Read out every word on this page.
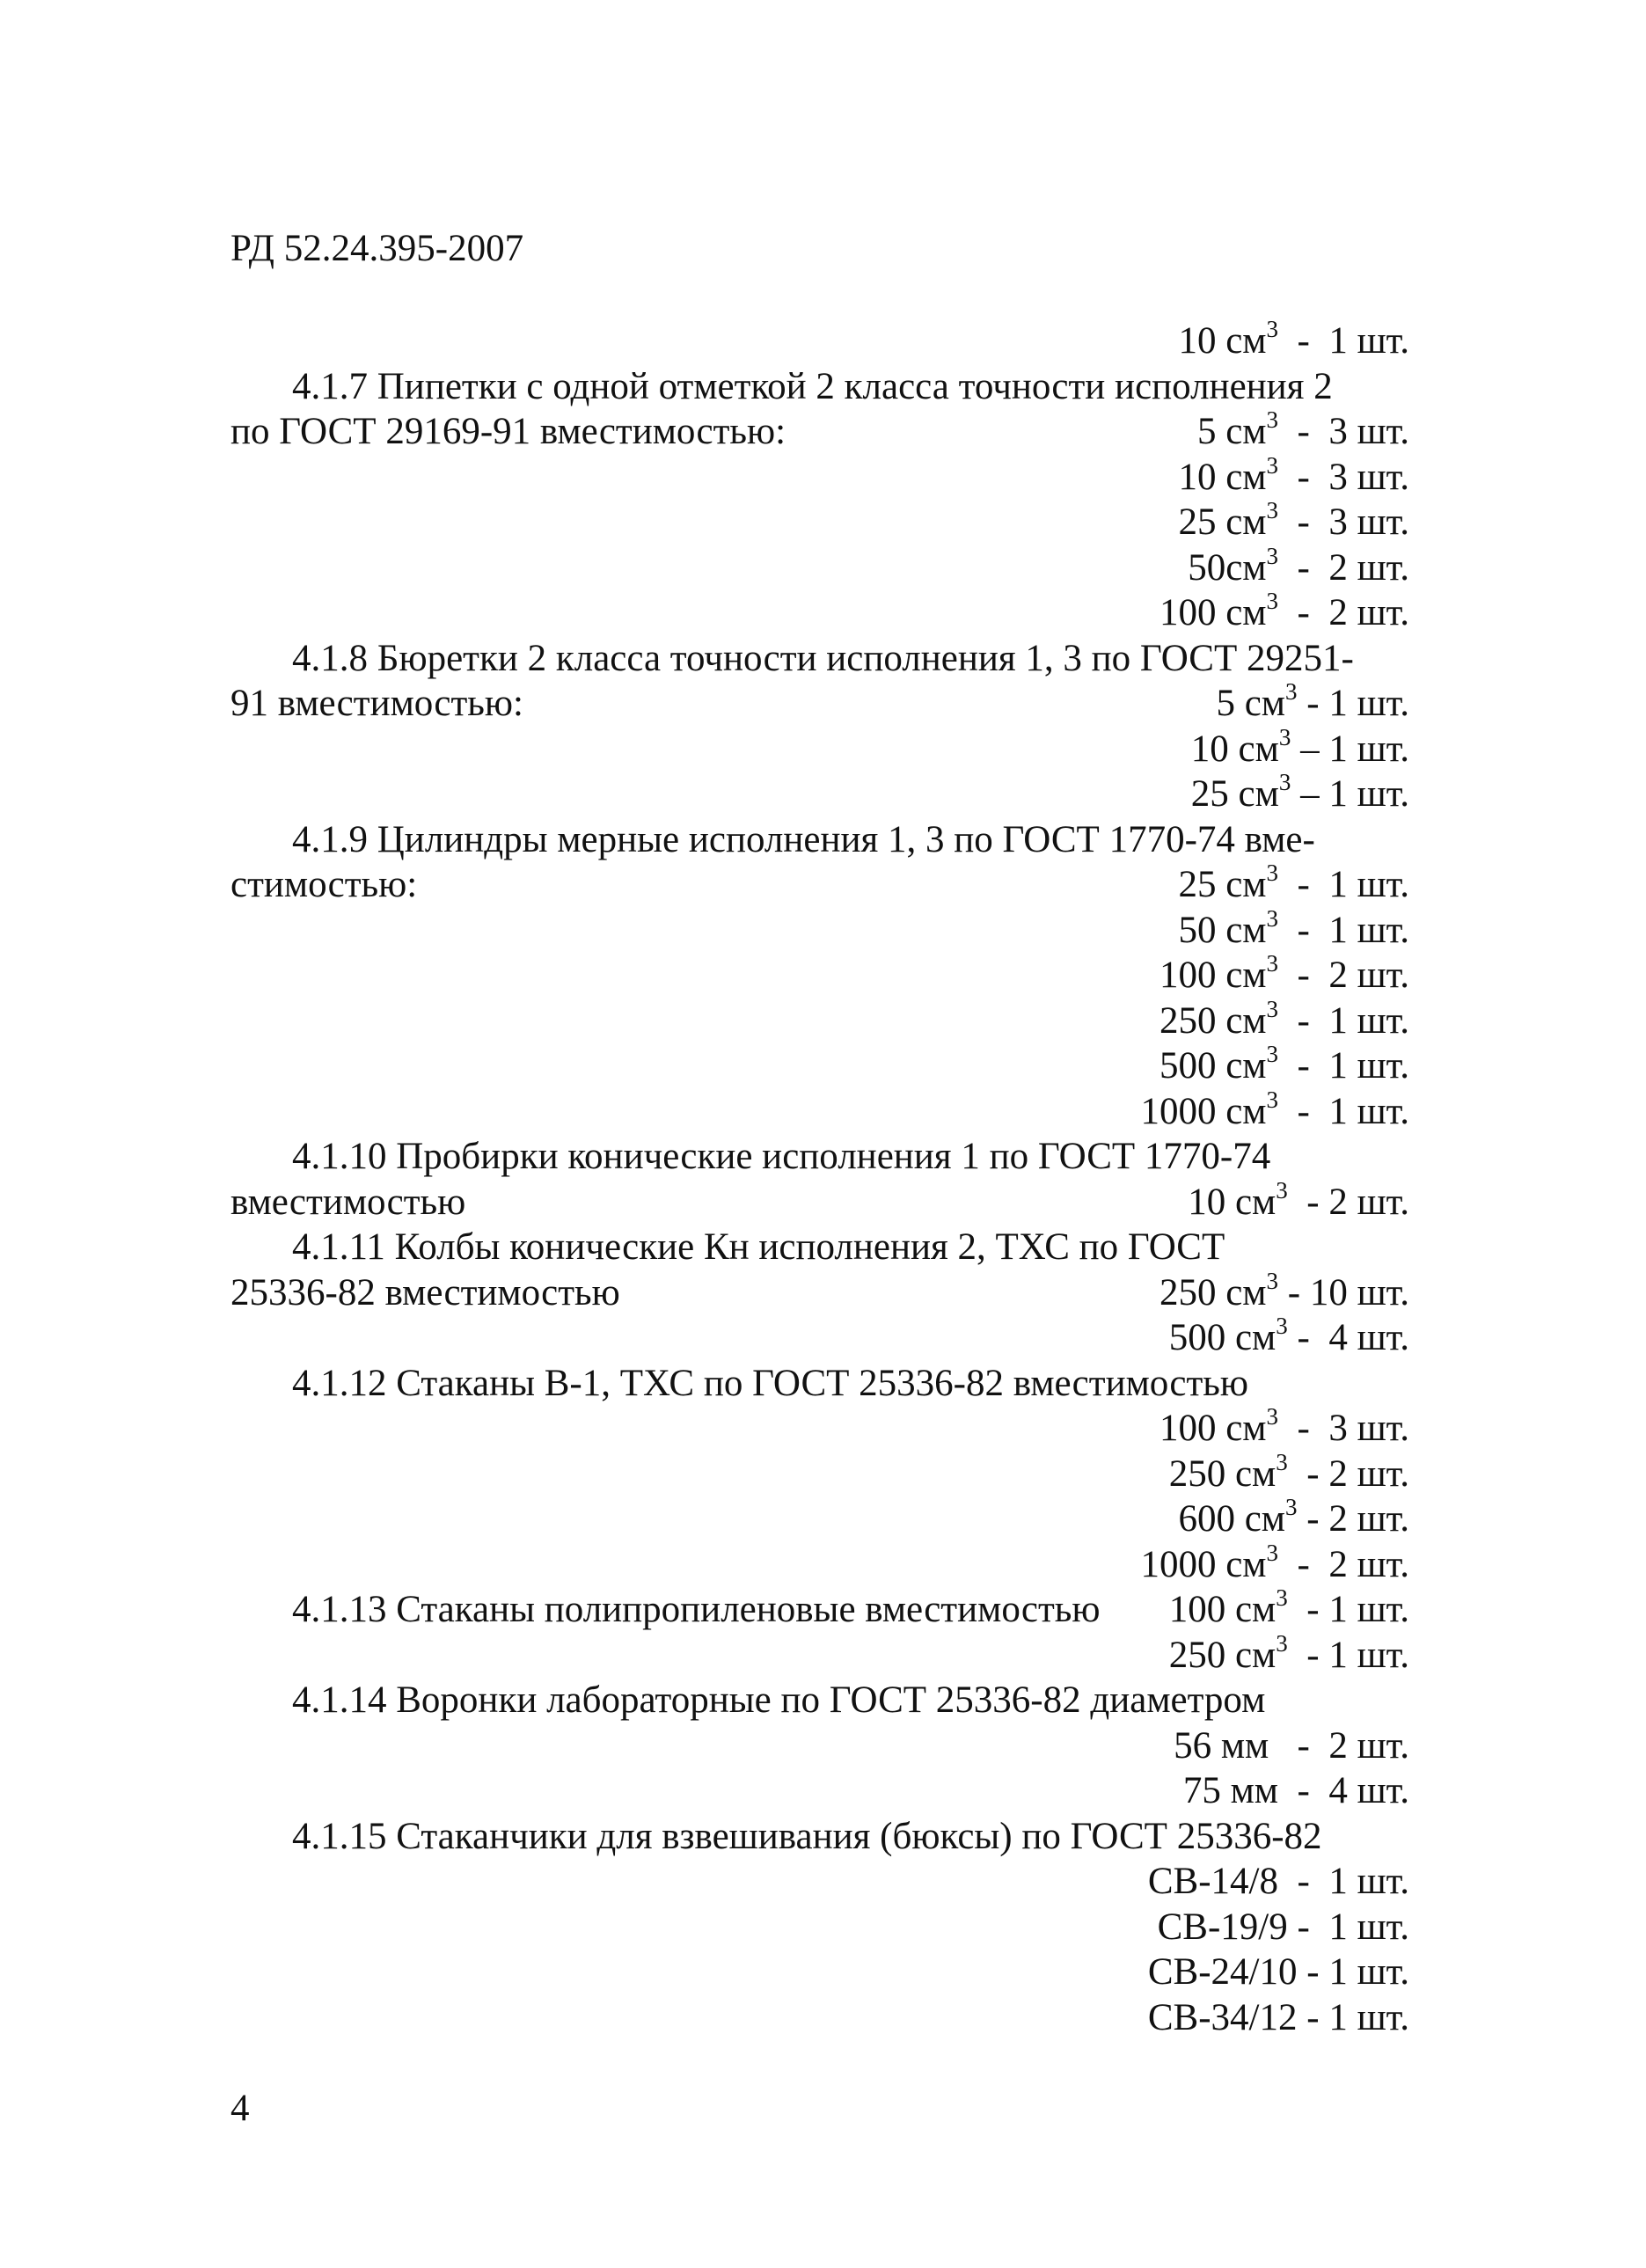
РД 52.24.395-2007
10 $см^3 - 1$ шт.
4.1.7 Пипетки с одной отметкой 2 класса точности исполнения 2
по ГОСТ 29169-91 вместимостью:	5 $см^3 - 3$ шт.
10 $см^3 - 3$ шт.
25 $см^3 - 3$ шт.
$50см^3 - 2$ шт.
100 $см^3 - 2$ шт.
4.1.8 Бюретки 2 класса точности исполнения 1, 3 по ГОСТ 29251-
91 вместимостью:	5 $см^3 - 1$ шт.
10 $см^3 - 1$ шт.
25 $см^3 - 1$ шт.
4.1.9 Цилиндры мерные исполнения 1, 3 по ГОСТ 1770-74 вме-
стимостью:	25 $см^3 - 1$ шт.
50 $см^3 - 1$ шт.
100 $см^3 - 2$ шт.
250 $см^3 - 1$ шт.
500 $см^3 - 1$ шт.
1000 $см^3 - 1$ шт.
4.1.10 Пробирки конические исполнения 1 по ГОСТ 1770-74
вместимостью	10 $см^3 - 2$ шт.
4.1.11 Колбы конические Кн исполнения 2, ТХС по ГОСТ
25336-82 вместимостью	250 $см^3 - 10$ шт.
500 $см^3 - 4$ шт.
4.1.12 Стаканы В-1, ТХС по ГОСТ 25336-82 вместимостью
100 $см^3 - 3$ шт.
250 $см^3 - 2$ шт.
600 $см^3 - 2$ шт.
1000 $см^3 - 2$ шт.
4.1.13 Стаканы полипропиленовые вместимостью 100 $см^3 - 1$ шт.
250 $см^3 - 1$ шт.
4.1.14 Воронки лабораторные по ГОСТ 25336-82 диаметром
56 мм   -  2 шт.
75 мм  -  4 шт.
4.1.15 Стаканчики для взвешивания (бюксы) по ГОСТ 25336-82
СВ-14/8  -  1 шт.
СВ-19/9 -  1 шт.
СВ-24/10 - 1 шт.
СВ-34/12 - 1 шт.
4
